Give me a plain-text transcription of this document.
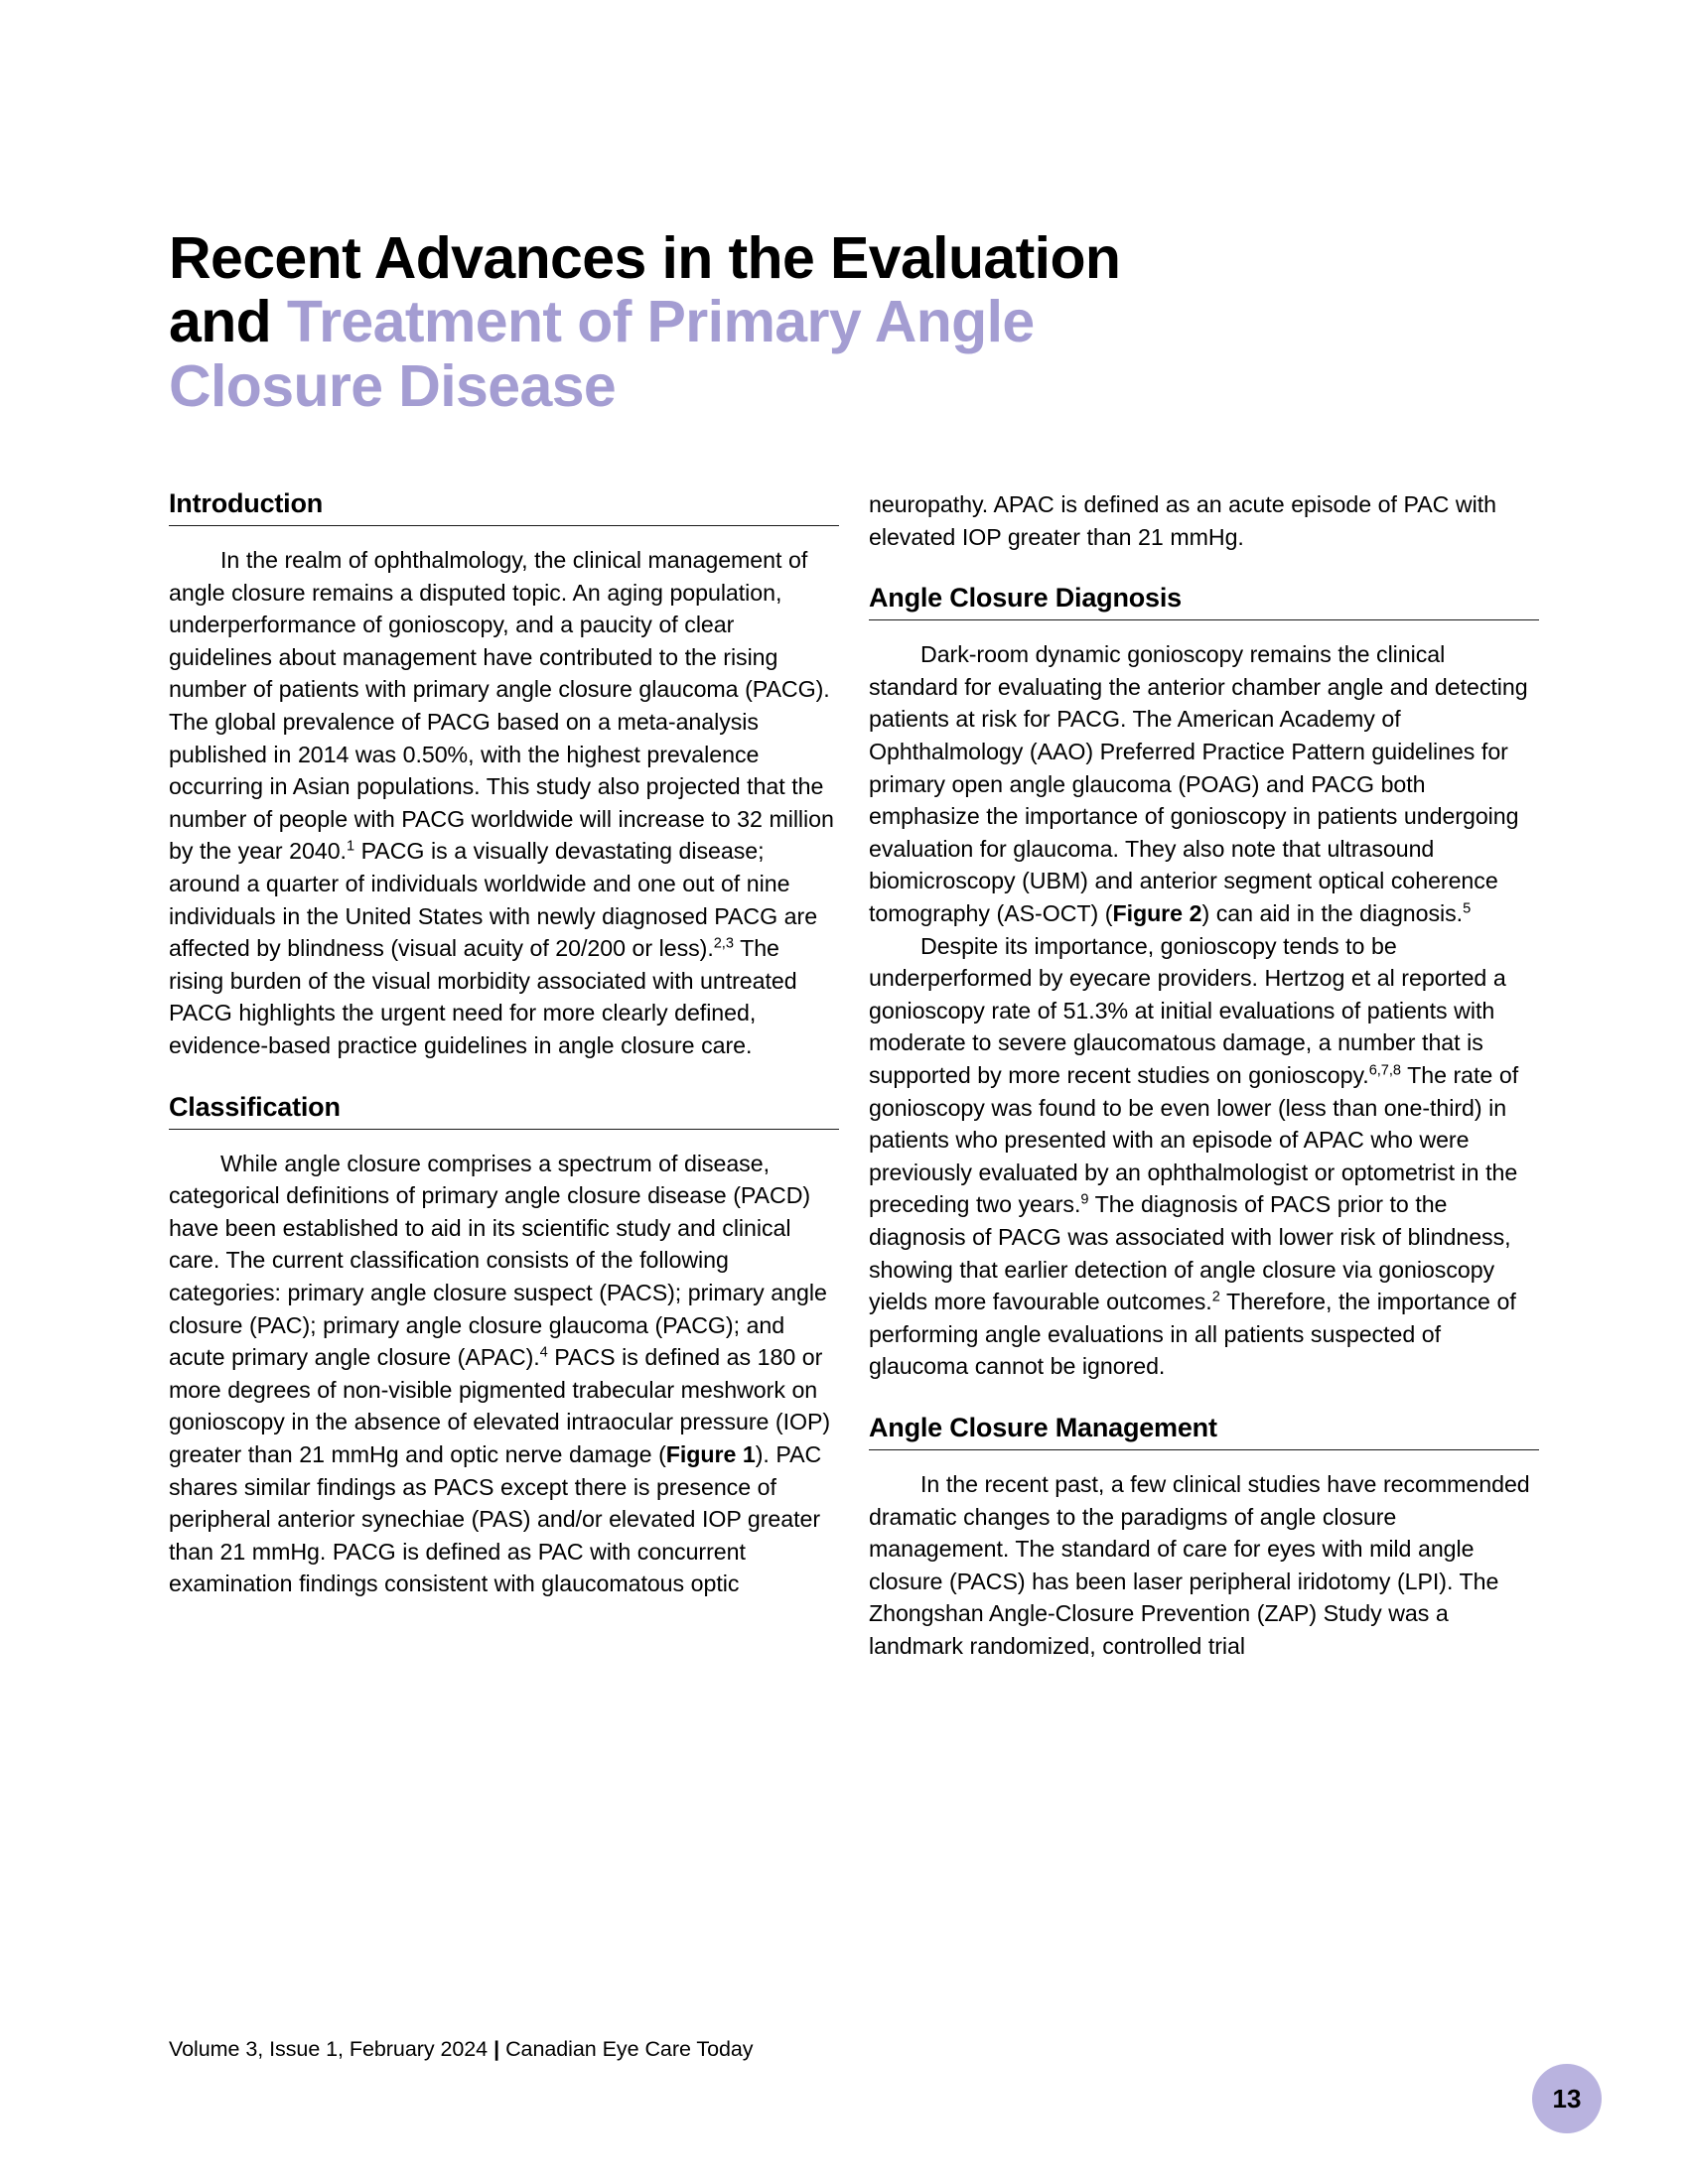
Recent Advances in the Evaluation
and Treatment of Primary Angle
Closure Disease
Introduction

In the realm of ophthalmology, the clinical management of angle closure remains a disputed topic. An aging population, underperformance of gonioscopy, and a paucity of clear guidelines about management have contributed to the rising number of patients with primary angle closure glaucoma (PACG). The global prevalence of PACG based on a meta-analysis published in 2014 was 0.50%, with the highest prevalence occurring in Asian populations. This study also projected that the number of people with PACG worldwide will increase to 32 million by the year 2040.$^1$ PACG is a visually devastating disease; around a quarter of individuals worldwide and one out of nine individuals in the United States with newly diagnosed PACG are affected by blindness (visual acuity of 20/200 or less).$^{2,3}$ The rising burden of the visual morbidity associated with untreated PACG highlights the urgent need for more clearly defined, evidence-based practice guidelines in angle closure care.

Classification

While angle closure comprises a spectrum of disease, categorical definitions of primary angle closure disease (PACD) have been established to aid in its scientific study and clinical care. The current classification consists of the following categories: primary angle closure suspect (PACS); primary angle closure (PAC); primary angle closure glaucoma (PACG); and acute primary angle closure (APAC).$^4$ PACS is defined as 180 or more degrees of non-visible pigmented trabecular meshwork on gonioscopy in the absence of elevated intraocular pressure (IOP) greater than 21 mmHg and optic nerve damage (Figure 1). PAC shares similar findings as PACS except there is presence of peripheral anterior synechiae (PAS) and/or elevated IOP greater than 21 mmHg. PACG is defined as PAC with concurrent examination findings consistent with glaucomatous optic

neuropathy. APAC is defined as an acute episode of PAC with elevated IOP greater than 21 mmHg.

Angle Closure Diagnosis

Dark-room dynamic gonioscopy remains the clinical standard for evaluating the anterior chamber angle and detecting patients at risk for PACG. The American Academy of Ophthalmology (AAO) Preferred Practice Pattern guidelines for primary open angle glaucoma (POAG) and PACG both emphasize the importance of gonioscopy in patients undergoing evaluation for glaucoma. They also note that ultrasound biomicroscopy (UBM) and anterior segment optical coherence tomography (AS-OCT) (Figure 2) can aid in the diagnosis.$^5$

Despite its importance, gonioscopy tends to be underperformed by eyecare providers. Hertzog et al reported a gonioscopy rate of 51.3% at initial evaluations of patients with moderate to severe glaucomatous damage, a number that is supported by more recent studies on gonioscopy.$^{6,7,8}$ The rate of gonioscopy was found to be even lower (less than one-third) in patients who presented with an episode of APAC who were previously evaluated by an ophthalmologist or optometrist in the preceding two years.$^9$ The diagnosis of PACS prior to the diagnosis of PACG was associated with lower risk of blindness, showing that earlier detection of angle closure via gonioscopy yields more favourable outcomes.$^2$ Therefore, the importance of performing angle evaluations in all patients suspected of glaucoma cannot be ignored.

Angle Closure Management

In the recent past, a few clinical studies have recommended dramatic changes to the paradigms of angle closure management. The standard of care for eyes with mild angle closure (PACS) has been laser peripheral iridotomy (LPI). The Zhongshan Angle-Closure Prevention (ZAP) Study was a landmark randomized, controlled trial

Volume 3, Issue 1, February 2024 | Canadian Eye Care Today
13
